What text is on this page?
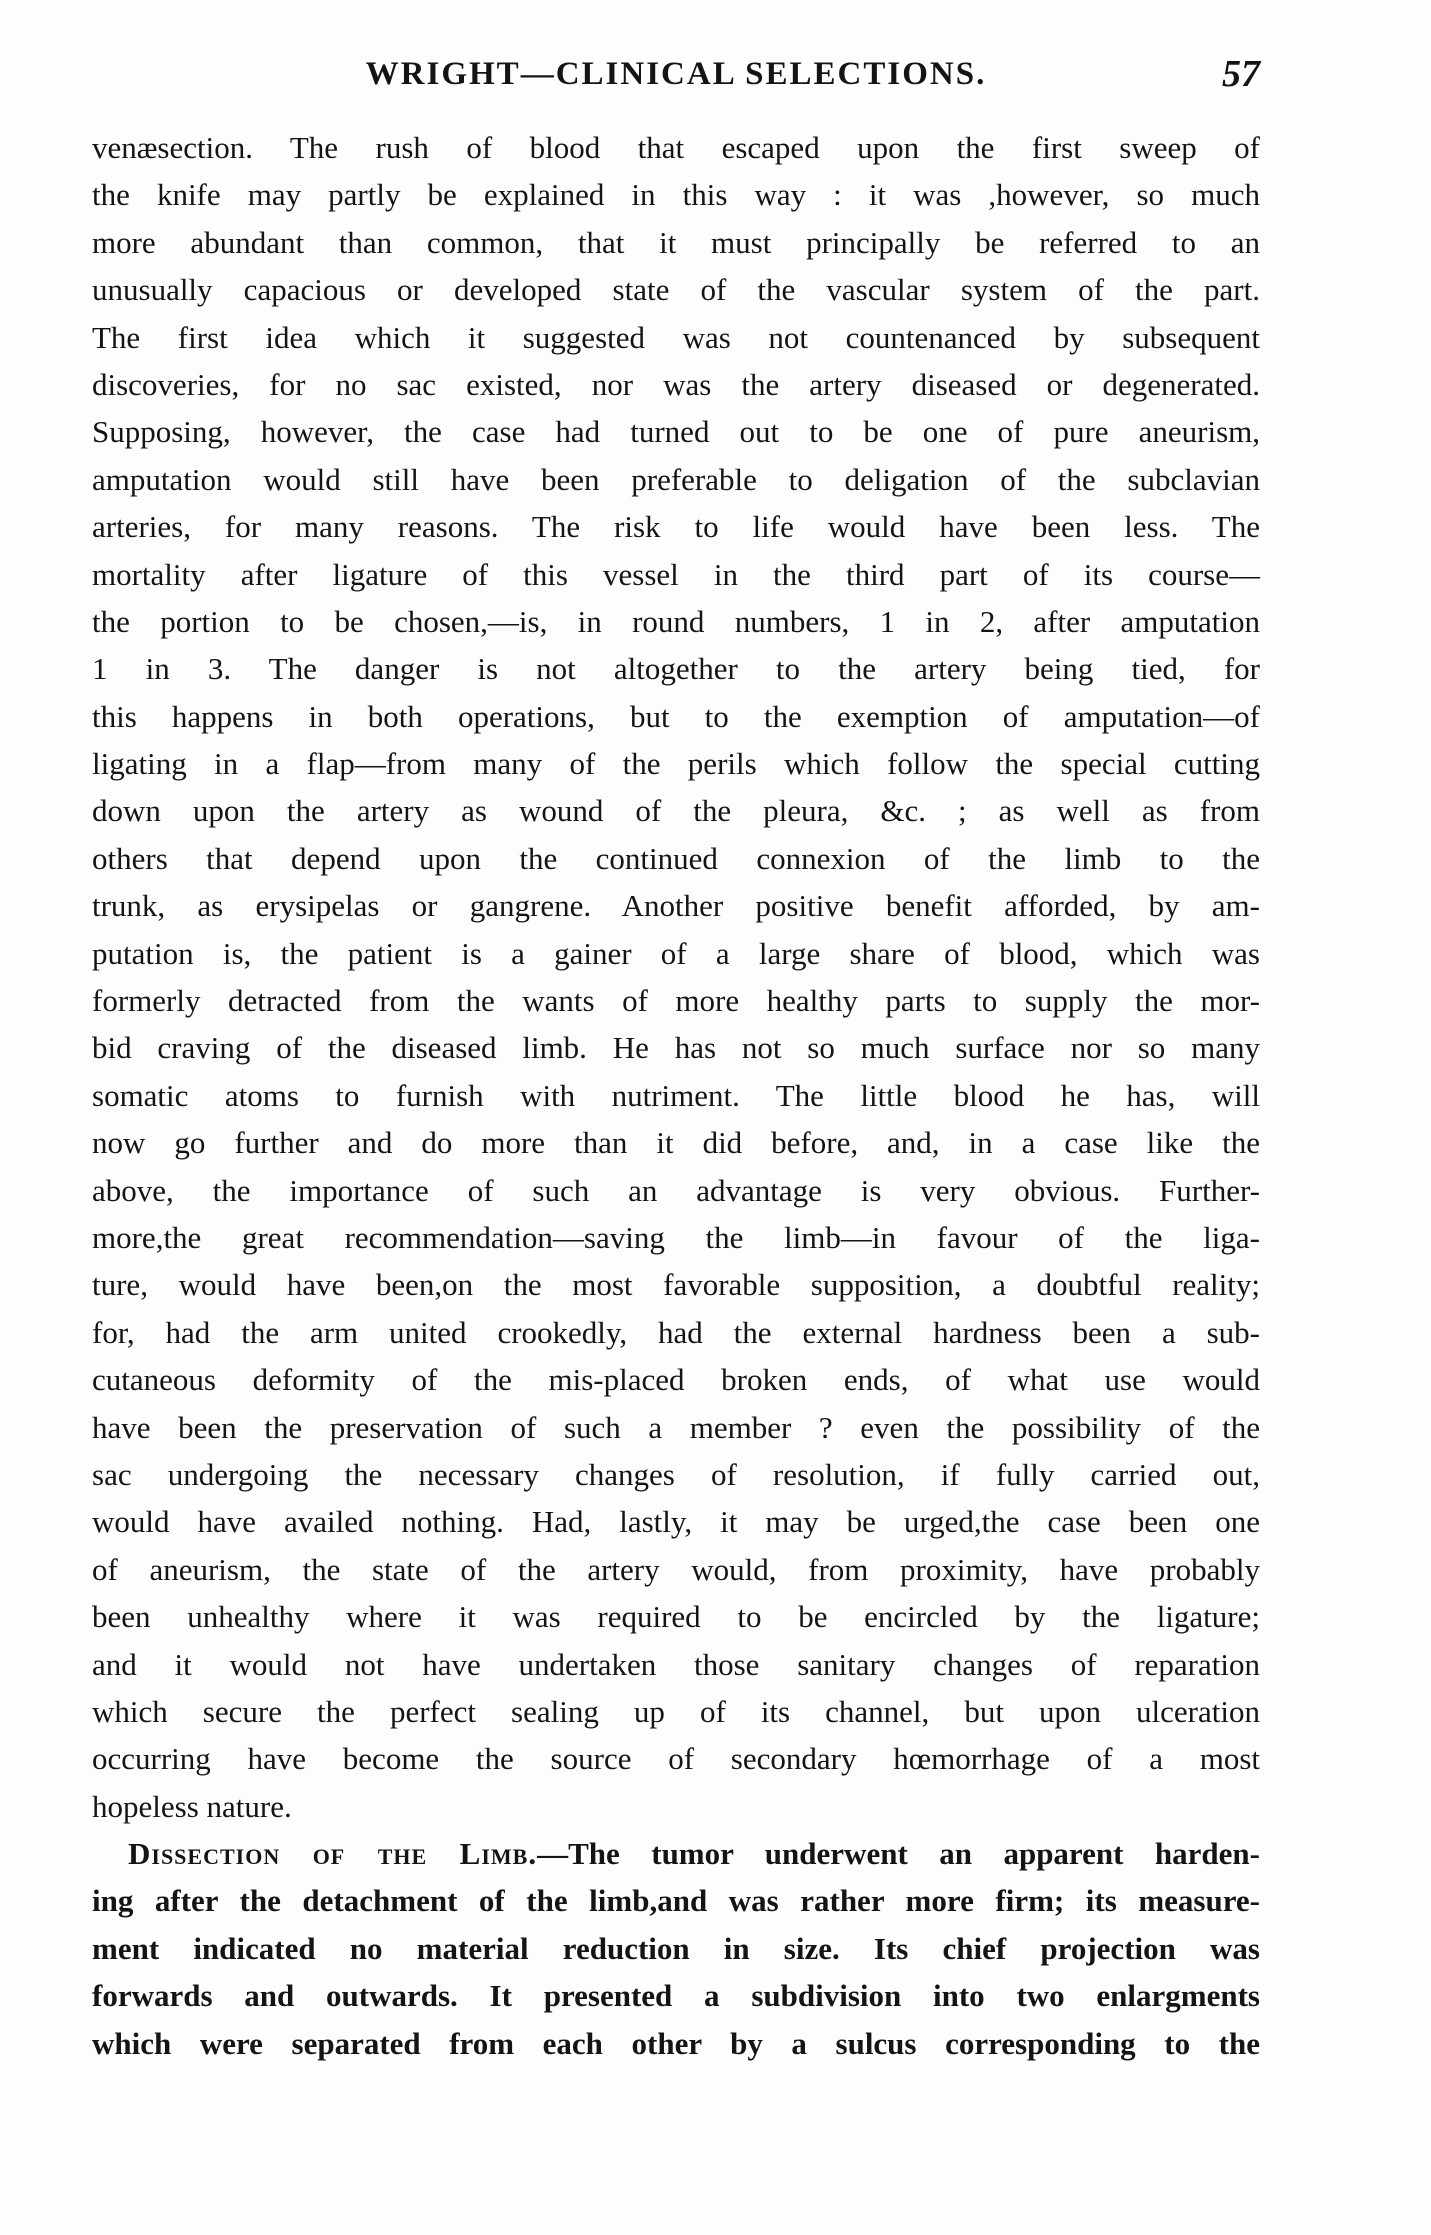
WRIGHT—CLINICAL SELECTIONS.	57
venæsection. The rush of blood that escaped upon the first sweep of
the knife may partly be explained in this way : it was ,however, so much
more abundant than common, that it must principally be referred to an
unusually capacious or developed state of the vascular system of the part.
The first idea which it suggested was not countenanced by subsequent
discoveries, for no sac existed, nor was the artery diseased or degenerated.
Supposing, however, the case had turned out to be one of pure aneurism,
amputation would still have been preferable to deligation of the subclavian
arteries, for many reasons. The risk to life would have been less. The
mortality after ligature of this vessel in the third part of its course—
the portion to be chosen,—is, in round numbers, 1 in 2, after amputation
1 in 3. The danger is not altogether to the artery being tied, for
this happens in both operations, but to the exemption of amputation—of
ligating in a flap—from many of the perils which follow the special cutting
down upon the artery as wound of the pleura, &c. ; as well as from
others that depend upon the continued connexion of the limb to the
trunk, as erysipelas or gangrene. Another positive benefit afforded, by am-
putation is, the patient is a gainer of a large share of blood, which was
formerly detracted from the wants of more healthy parts to supply the mor-
bid craving of the diseased limb. He has not so much surface nor so many
somatic atoms to furnish with nutriment. The little blood he has, will
now go further and do more than it did before, and, in a case like the
above, the importance of such an advantage is very obvious. Further-
more,the great recommendation—saving the limb—in favour of the liga-
ture, would have been,on the most favorable supposition, a doubtful reality;
for, had the arm united crookedly, had the external hardness been a sub-
cutaneous deformity of the mis-placed broken ends, of what use would
have been the preservation of such a member ? even the possibility of the
sac undergoing the necessary changes of resolution, if fully carried out,
would have availed nothing. Had, lastly, it may be urged,the case been one
of aneurism, the state of the artery would, from proximity, have probably
been unhealthy where it was required to be encircled by the ligature;
and it would not have undertaken those sanitary changes of reparation
which secure the perfect sealing up of its channel, but upon ulceration
occurring have become the source of secondary hœmorrhage of a most
hopeless nature.
Dissection of the Limb.—The tumor underwent an apparent harden-
ing after the detachment of the limb,and was rather more firm; its measure-
ment indicated no material reduction in size. Its chief projection was
forwards and outwards. It presented a subdivision into two enlargments
which were separated from each other by a sulcus corresponding to the
